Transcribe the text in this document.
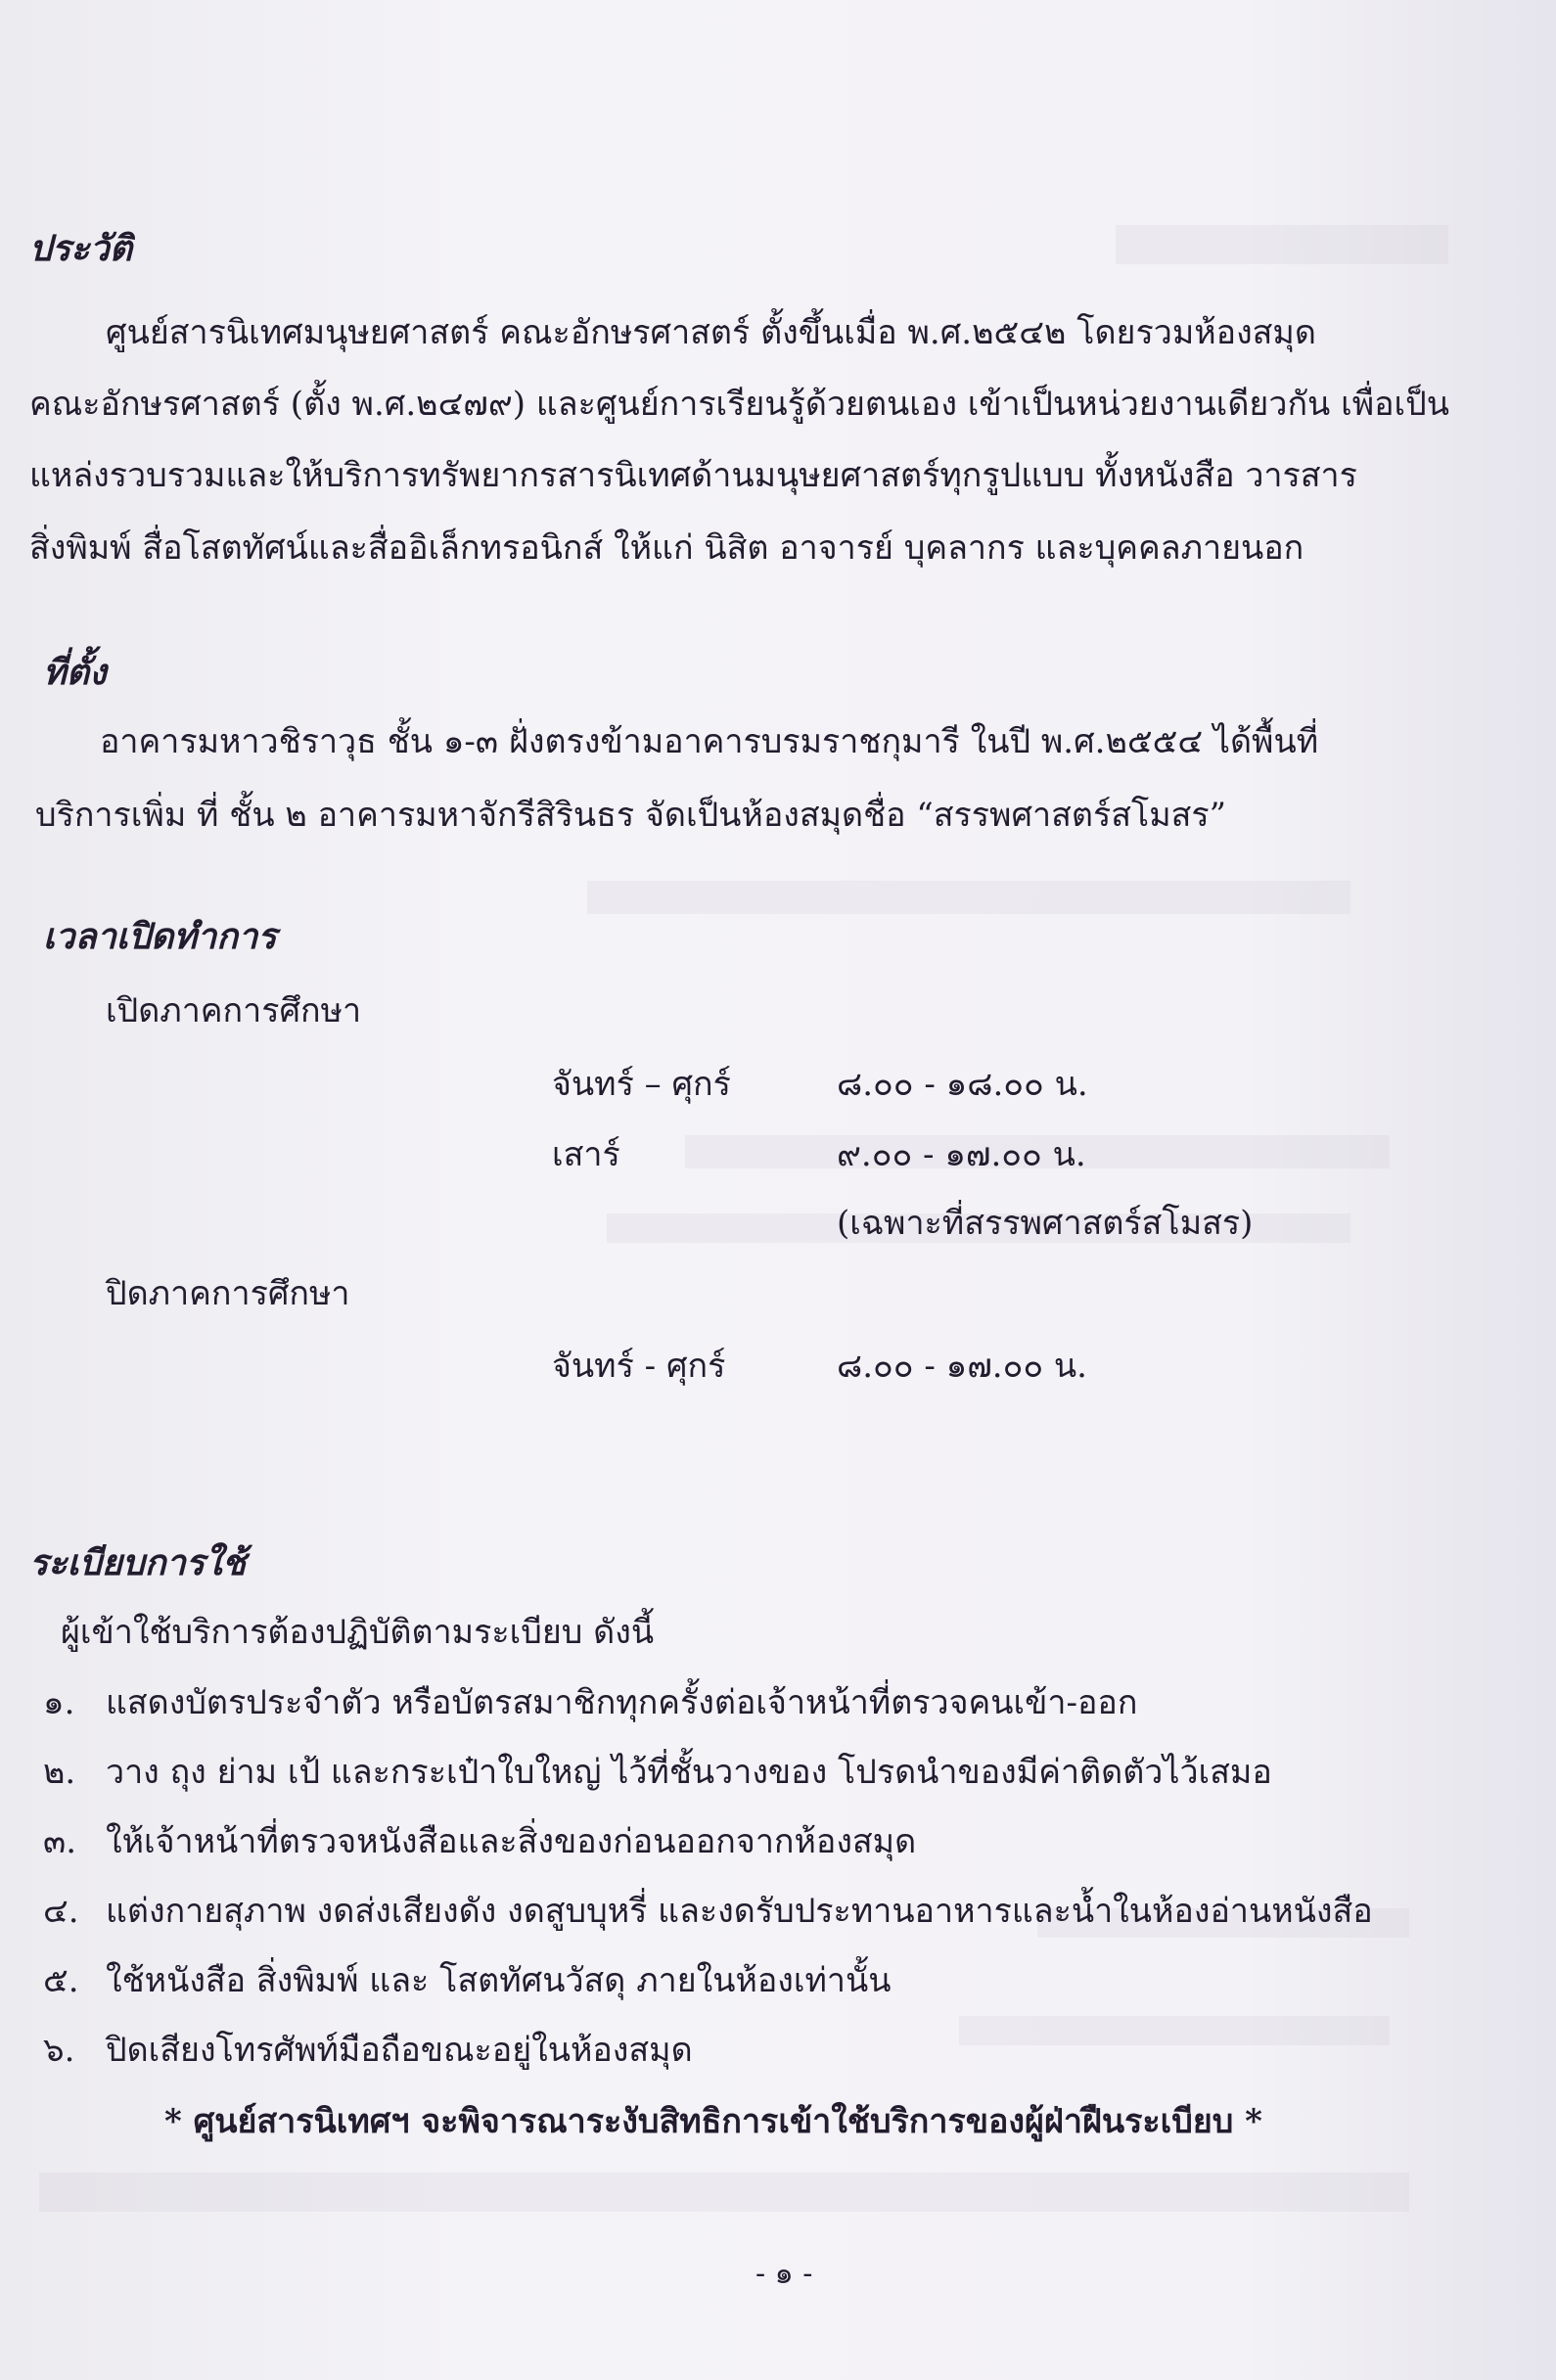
ประวัติ
ศูนย์สารนิเทศมนุษยศาสตร์ คณะอักษรศาสตร์ ตั้งขึ้นเมื่อ พ.ศ.๒๕๔๒ โดยรวมห้องสมุด
คณะอักษรศาสตร์ (ตั้ง พ.ศ.๒๔๗๙) และศูนย์การเรียนรู้ด้วยตนเอง เข้าเป็นหน่วยงานเดียวกัน เพื่อเป็น
แหล่งรวบรวมและให้บริการทรัพยากรสารนิเทศด้านมนุษยศาสตร์ทุกรูปแบบ ทั้งหนังสือ วารสาร
สิ่งพิมพ์ สื่อโสตทัศน์และสื่ออิเล็กทรอนิกส์ ให้แก่ นิสิต อาจารย์ บุคลากร และบุคคลภายนอก
ที่ตั้ง
อาคารมหาวชิราวุธ ชั้น ๑-๓ ฝั่งตรงข้ามอาคารบรมราชกุมารี ในปี พ.ศ.๒๕๕๔ ได้พื้นที่
บริการเพิ่ม ที่ ชั้น ๒ อาคารมหาจักรีสิรินธร จัดเป็นห้องสมุดชื่อ “สรรพศาสตร์สโมสร”
เวลาเปิดทำการ
เปิดภาคการศึกษา
จันทร์ – ศุกร์	๘.๐๐ - ๑๘.๐๐ น.
เสาร์	๙.๐๐ - ๑๗.๐๐ น.
(เฉพาะที่สรรพศาสตร์สโมสร)
ปิดภาคการศึกษา
จันทร์ - ศุกร์	๘.๐๐ - ๑๗.๐๐ น.
ระเบียบการใช้
ผู้เข้าใช้บริการต้องปฏิบัติตามระเบียบ ดังนี้
๑. แสดงบัตรประจำตัว หรือบัตรสมาชิกทุกครั้งต่อเจ้าหน้าที่ตรวจคนเข้า-ออก
๒. วาง ถุง ย่าม เป้ และกระเป๋าใบใหญ่ ไว้ที่ชั้นวางของ โปรดนำของมีค่าติดตัวไว้เสมอ
๓. ให้เจ้าหน้าที่ตรวจหนังสือและสิ่งของก่อนออกจากห้องสมุด
๔. แต่งกายสุภาพ งดส่งเสียงดัง งดสูบบุหรี่ และงดรับประทานอาหารและน้ำในห้องอ่านหนังสือ
๕. ใช้หนังสือ สิ่งพิมพ์ และ โสตทัศนวัสดุ ภายในห้องเท่านั้น
๖. ปิดเสียงโทรศัพท์มือถือขณะอยู่ในห้องสมุด
* ศูนย์สารนิเทศฯ จะพิจารณาระงับสิทธิการเข้าใช้บริการของผู้ฝ่าฝืนระเบียบ *
- ๑ -
